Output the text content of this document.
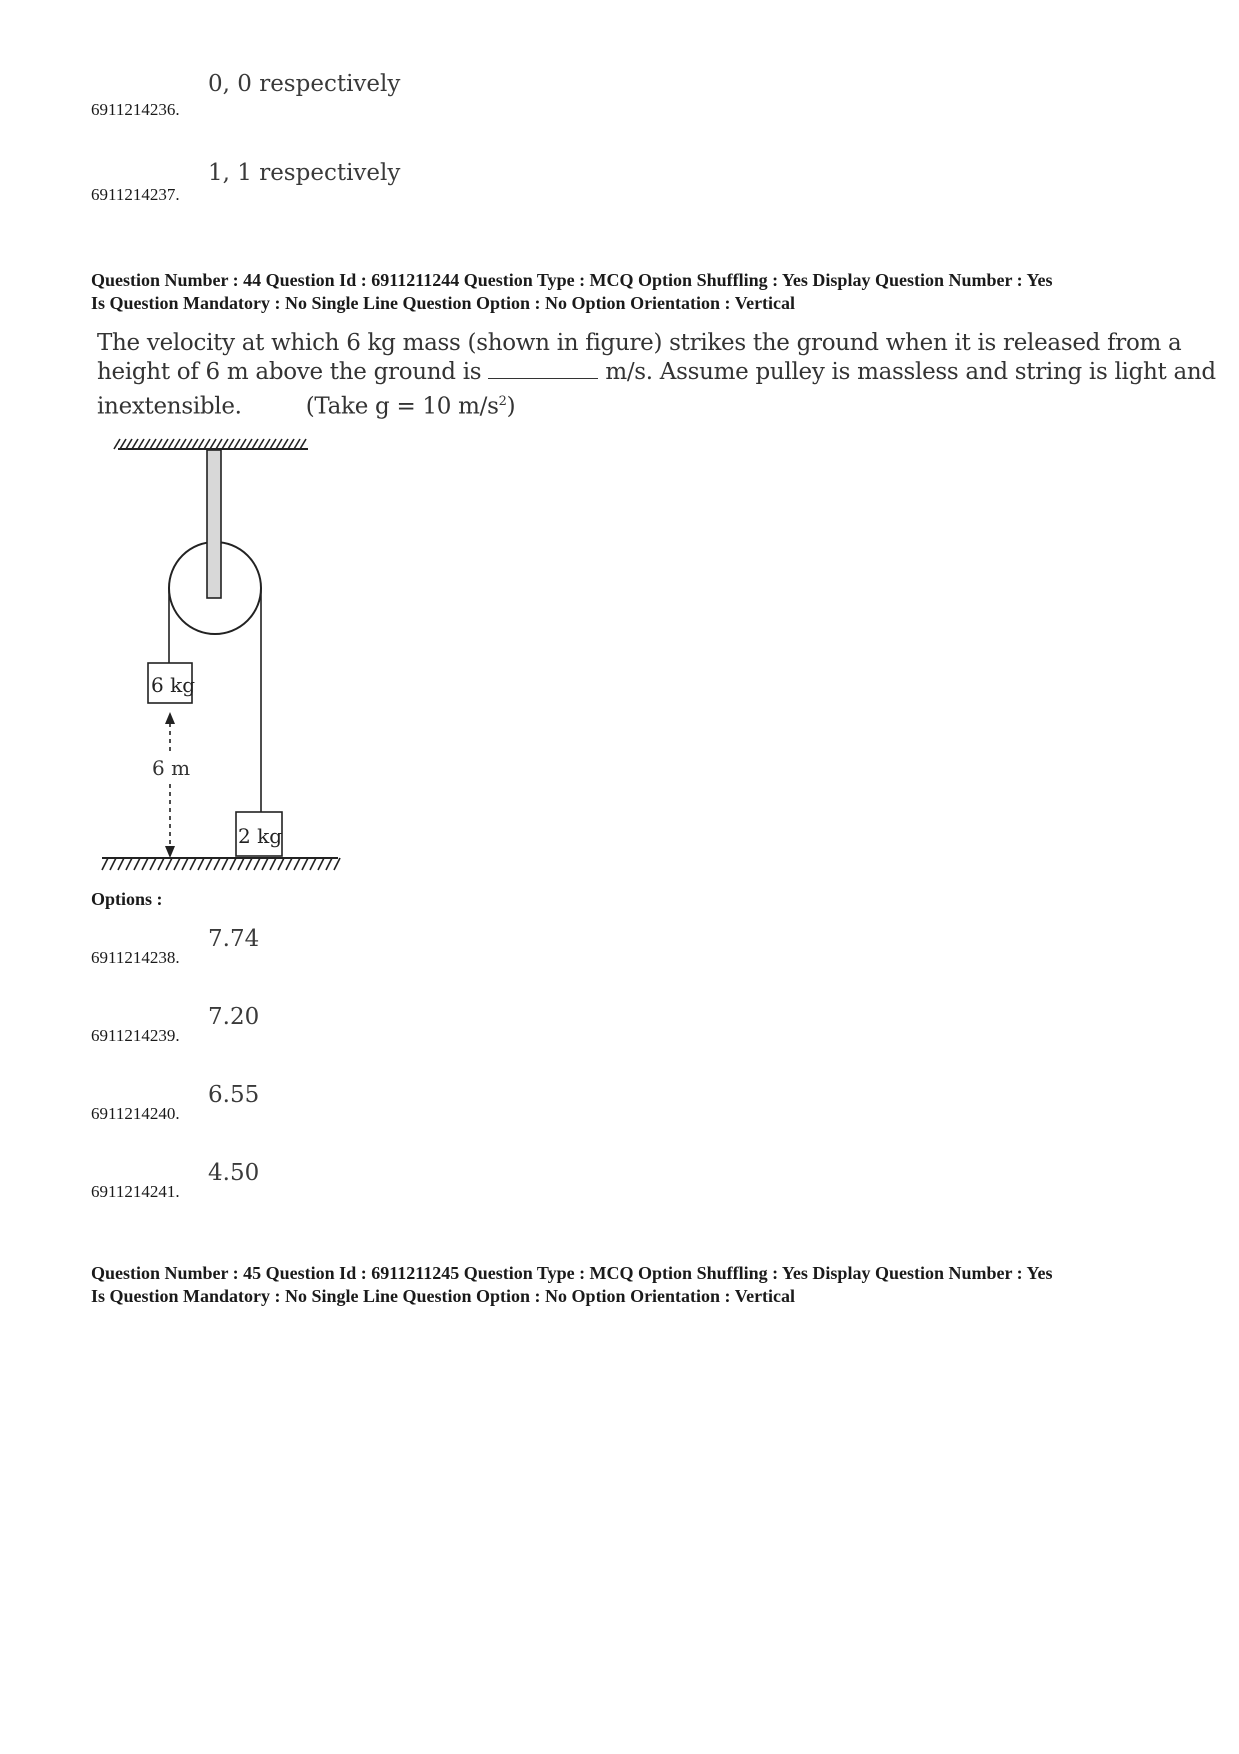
0, 0 respectively
6911214236.
1, 1 respectively
6911214237.
Question Number : 44 Question Id : 6911211244 Question Type : MCQ Option Shuffling : Yes Display Question Number : Yes
Is Question Mandatory : No Single Line Question Option : No Option Orientation : Vertical
The velocity at which 6 kg mass (shown in figure) strikes the ground when it is released from a
height of 6 m above the ground is	m/s. Assume pulley is massless and string is light and
inextensible.	(Take g = 10 $m/s^2$)
6 kg
6 m
2 kg
Options :
7.74
6911214238.
7.20
6911214239.
6.55
6911214240.
4.50
6911214241.
Question Number : 45 Question Id : 6911211245 Question Type : MCQ Option Shuffling : Yes Display Question Number : Yes
Is Question Mandatory : No Single Line Question Option : No Option Orientation : Vertical
